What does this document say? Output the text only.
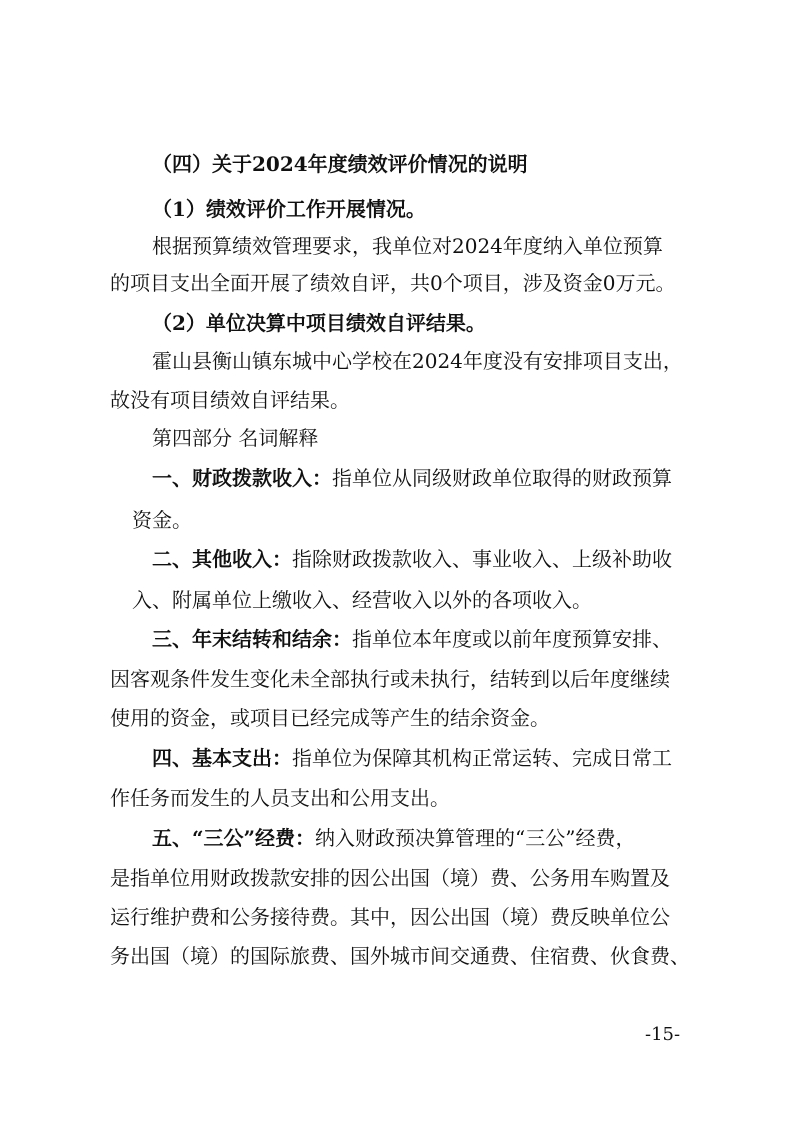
（四）关于2024年度绩效评价情况的说明
（1）绩效评价工作开展情况。
根据预算绩效管理要求，我单位对2024年度纳入单位预算
的项目支出全面开展了绩效自评，共0个项目，涉及资金0万元。
（2）单位决算中项目绩效自评结果。
霍山县衡山镇东城中心学校在2024年度没有安排项目支出，
故没有项目绩效自评结果。
第四部分 名词解释
一、财政拨款收入：指单位从同级财政单位取得的财政预算
资金。
二、其他收入：指除财政拨款收入、事业收入、上级补助收
入、附属单位上缴收入、经营收入以外的各项收入。
三、年末结转和结余：指单位本年度或以前年度预算安排、
因客观条件发生变化未全部执行或未执行，结转到以后年度继续
使用的资金，或项目已经完成等产生的结余资金。
四、基本支出：指单位为保障其机构正常运转、完成日常工
作任务而发生的人员支出和公用支出。
五、“三公”经费：纳入财政预决算管理的“三公”经费，
是指单位用财政拨款安排的因公出国（境）费、公务用车购置及
运行维护费和公务接待费。其中，因公出国（境）费反映单位公
务出国（境）的国际旅费、国外城市间交通费、住宿费、伙食费、
-15-
